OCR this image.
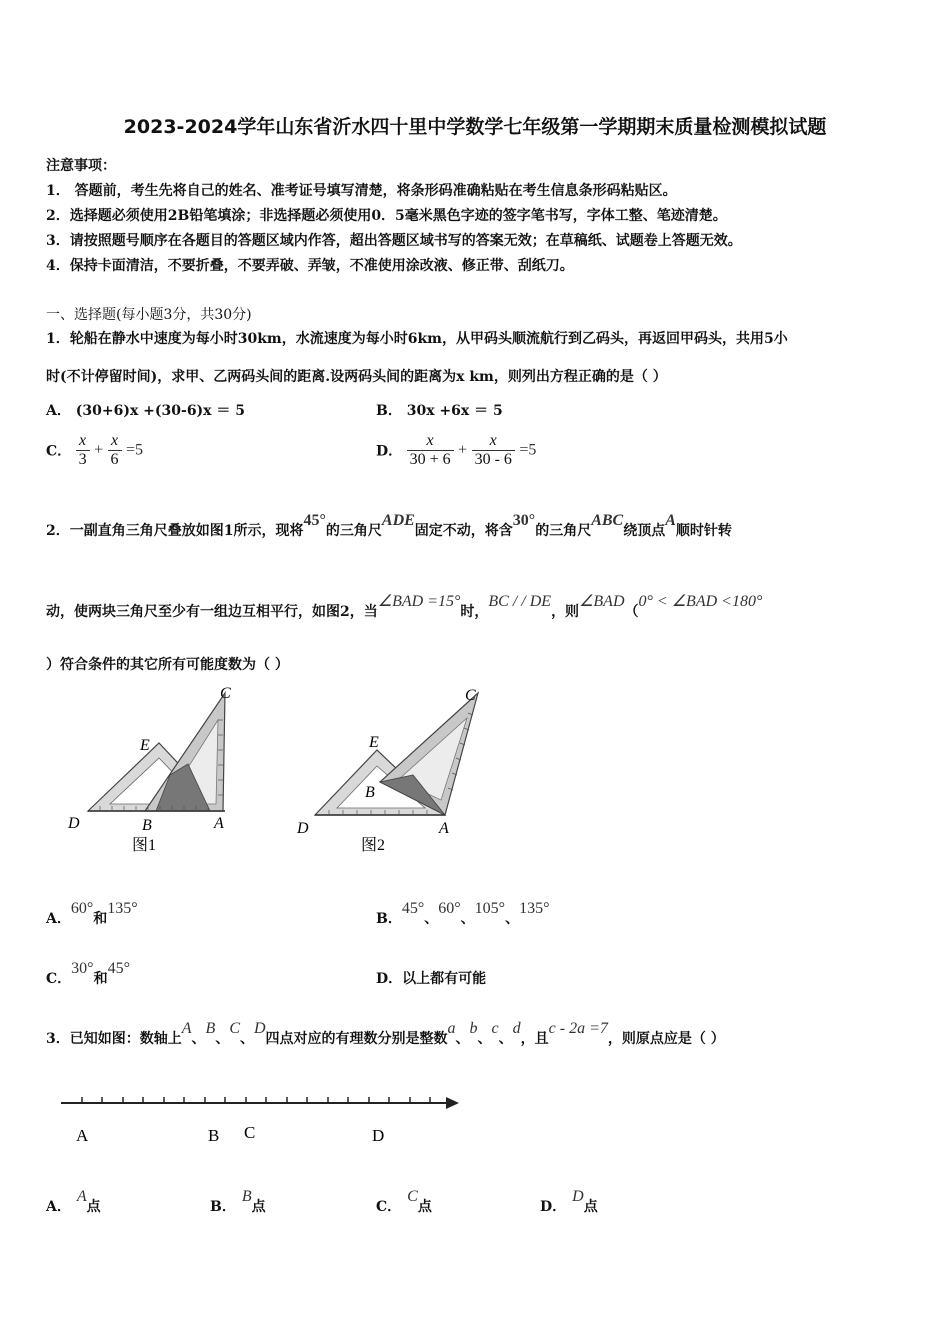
2023-2024学年山东省沂水四十里中学数学七年级第一学期期末质量检测模拟试题
注意事项：
1． 答题前，考生先将自己的姓名、准考证号填写清楚，将条形码准确粘贴在考生信息条形码粘贴区。
2．选择题必须使用2B铅笔填涂；非选择题必须使用0．5毫米黑色字迹的签字笔书写，字体工整、笔迹清楚。
3．请按照题号顺序在各题目的答题区域内作答，超出答题区域书写的答案无效；在草稿纸、试题卷上答题无效。
4．保持卡面清洁，不要折叠，不要弄破、弄皱，不准使用涂改液、修正带、刮纸刀。
一、选择题(每小题3分，共30分)
1．轮船在静水中速度为每小时30km，水流速度为每小时6km，从甲码头顺流航行到乙码头，再返回甲码头，共用5小
时(不计停留时间)，求甲、乙两码头间的距离.设两码头间的距离为x km，则列出方程正确的是（ ）
A． (30+6)x +(30-6)x ＝ 5	B． 30x +6x ＝ 5
C． $\frac{x}{3} + \frac{x}{6} =5$	D． $\frac{x}{30 + 6} + \frac{x}{30 - 6} =5$
2．一副直角三角尺叠放如图1所示，现将45°的三角尺ADE固定不动，将含30°的三角尺ABC绕顶点A顺时针转
动，使两块三角尺至少有一组边互相平行，如图2，当∠BAD =15°时，BC / / DE，则∠BAD（0° < ∠BAD <180°
）符合条件的其它所有可能度数为（ ）
E
C
D	B	A
图1
E
C
D
B
A
图2
A．60°和135°
B．45°、60°、105°、135°
C．30°和45°
D．以上都有可能
3．已知如图：数轴上A、B、C、D四点对应的有理数分别是整数a、b、c、d，且c - 2a =7，则原点应是（ ）
A	B C	D
A．A点	B．B点	C．C点	D．D点
